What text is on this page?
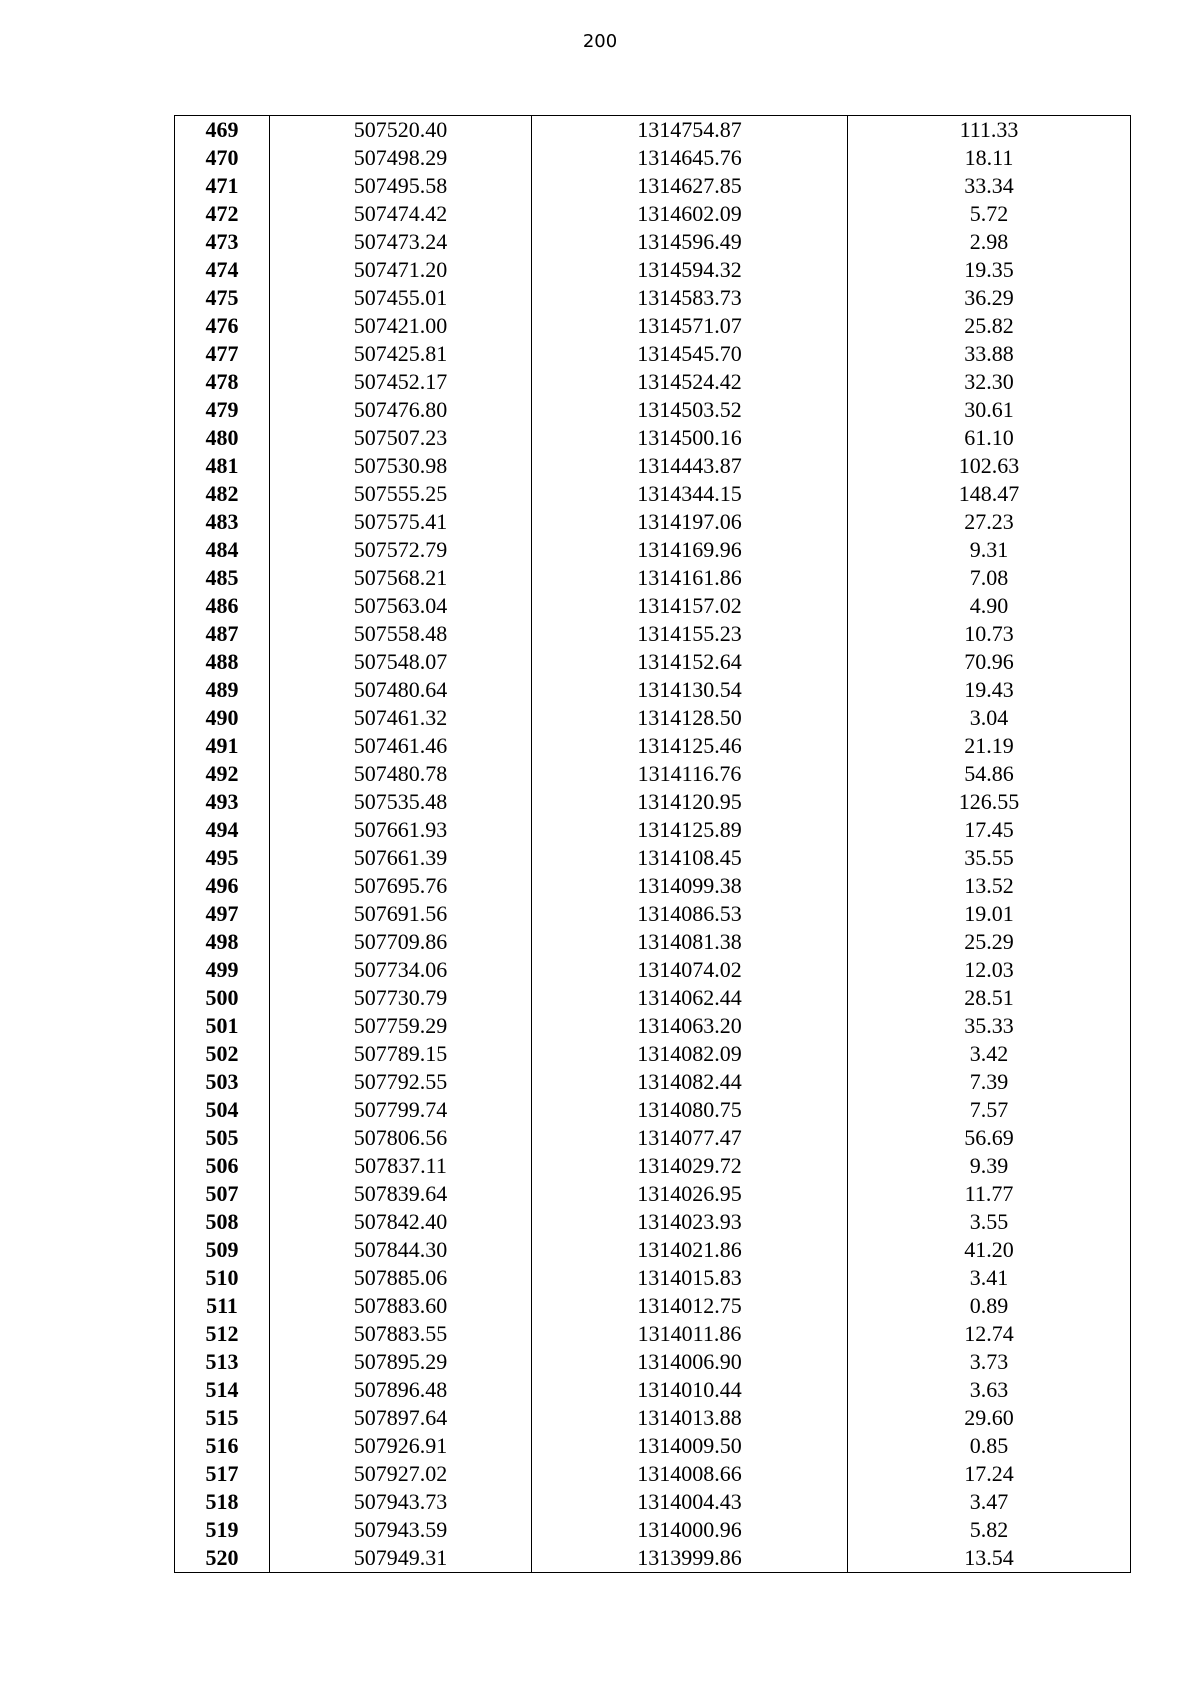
200
469	507520.40	1314754.87	111.33
470	507498.29	1314645.76	18.11
471	507495.58	1314627.85	33.34
472	507474.42	1314602.09	5.72
473	507473.24	1314596.49	2.98
474	507471.20	1314594.32	19.35
475	507455.01	1314583.73	36.29
476	507421.00	1314571.07	25.82
477	507425.81	1314545.70	33.88
478	507452.17	1314524.42	32.30
479	507476.80	1314503.52	30.61
480	507507.23	1314500.16	61.10
481	507530.98	1314443.87	102.63
482	507555.25	1314344.15	148.47
483	507575.41	1314197.06	27.23
484	507572.79	1314169.96	9.31
485	507568.21	1314161.86	7.08
486	507563.04	1314157.02	4.90
487	507558.48	1314155.23	10.73
488	507548.07	1314152.64	70.96
489	507480.64	1314130.54	19.43
490	507461.32	1314128.50	3.04
491	507461.46	1314125.46	21.19
492	507480.78	1314116.76	54.86
493	507535.48	1314120.95	126.55
494	507661.93	1314125.89	17.45
495	507661.39	1314108.45	35.55
496	507695.76	1314099.38	13.52
497	507691.56	1314086.53	19.01
498	507709.86	1314081.38	25.29
499	507734.06	1314074.02	12.03
500	507730.79	1314062.44	28.51
501	507759.29	1314063.20	35.33
502	507789.15	1314082.09	3.42
503	507792.55	1314082.44	7.39
504	507799.74	1314080.75	7.57
505	507806.56	1314077.47	56.69
506	507837.11	1314029.72	9.39
507	507839.64	1314026.95	11.77
508	507842.40	1314023.93	3.55
509	507844.30	1314021.86	41.20
510	507885.06	1314015.83	3.41
511	507883.60	1314012.75	0.89
512	507883.55	1314011.86	12.74
513	507895.29	1314006.90	3.73
514	507896.48	1314010.44	3.63
515	507897.64	1314013.88	29.60
516	507926.91	1314009.50	0.85
517	507927.02	1314008.66	17.24
518	507943.73	1314004.43	3.47
519	507943.59	1314000.96	5.82
520	507949.31	1313999.86	13.54
